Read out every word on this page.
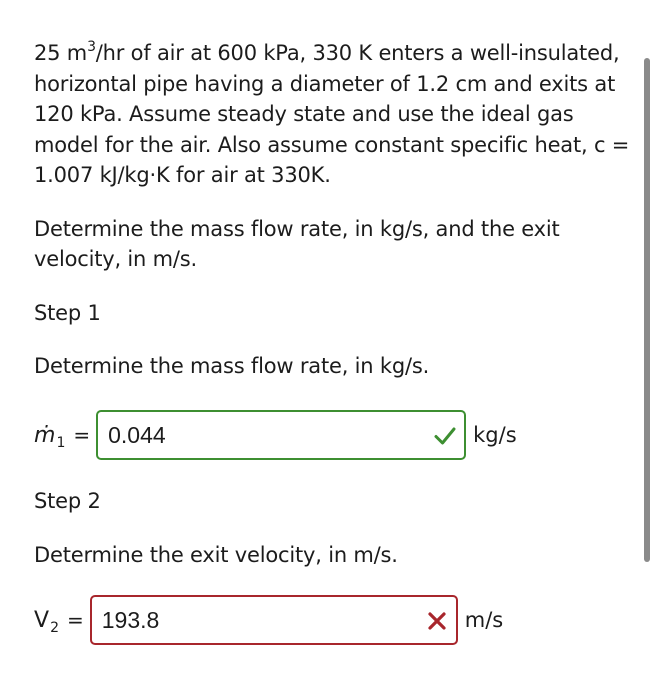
25 $m^3/hr$ of air at 600 kPa, 330 K enters a well-insulated, horizontal pipe having a diameter of 1.2 cm and exits at 120 kPa. Assume steady state and use the ideal gas model for the air. Also assume constant specific heat, c = 1.007 kJ/kg·K for air at 330K.

Determine the mass flow rate, in kg/s, and the exit velocity, in m/s.

Step 1

Determine the mass flow rate, in kg/s.

ṁ 1 = 0.044	kg/s

Step 2

Determine the exit velocity, in m/s.

V 2 = 193.8	m/s
